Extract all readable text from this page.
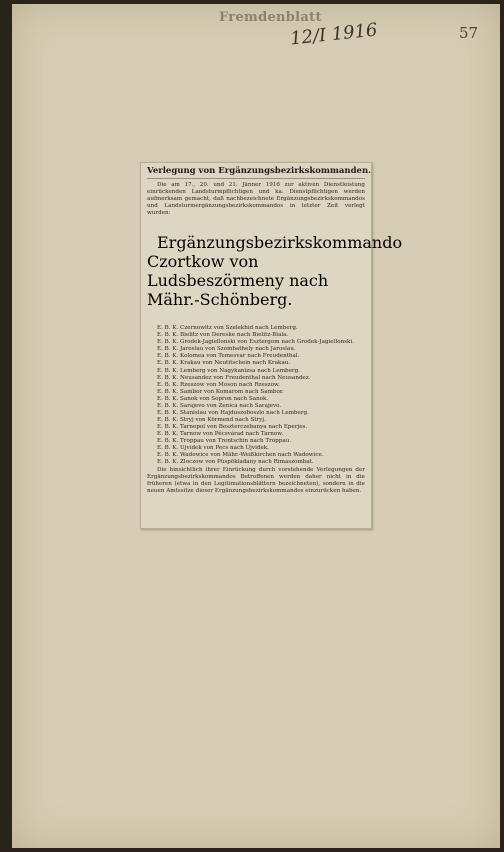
Fremdenblatt
12/I 1916	57
Verlegung von Ergänzungsbezirkskommanden.

Die am 17., 20. und 21. Jänner 1916 zur aktiven Dienstleistung einrückenden Landsturmpflichtigen und ka. Dienstpflichtigen werden aufmerksam gemacht, daß nachbezeichnete Ergänzungsbezirkskommandos und Landsturmergänzungsbezirkskommandos in letzter Zeit verlegt wurden:

Ergänzungsbezirkskommando Czortkow von Ludsbeszörmeny nach Mähr.-Schönberg.

E. B. K. Czernowitz von Szelekhid nach Lemberg.

E. B. K. Bielitz von Dereske nach Bielitz-Biala.

E. B. K. Grodek-Jagiellonski von Esztergom nach Grodek-Jagiellonski.

E. B. K. Jaroslau von Szombathely nach Jaroslau.

E. B. K. Kolomea von Temesvar nach Freudenthal.

E. B. K. Krakau von Neutitschein nach Krakau.

E. B. K. Lemberg von Nagykanizsa nach Lemberg.

E. B. K. Neusandez von Freudenthal nach Neusandez.

E. B. K. Rzeszow von Moson nach Rzeszow.

E. B. K. Sambor von Komarom nach Sambor.

E. B. K. Sanok von Sopron nach Sanok.

E. B. K. Sarajevo von Zenica nach Sarajevo.

E. B. K. Stanislau von Hajduszoboszlo nach Lemberg.

E. B. K. Stryj von Körmend nach Stryj.

E. B. K. Tarnopol von Beszterczebanya nach Eperjes.

E. B. K. Tarnow von Pécsvárad nach Tarnow.

E. B. K. Troppau von Trentschin nach Troppau.

E. B. K. Ujvidek von Pecs nach Ujvidek.

E. B. K. Wadowice von Mähr.-Weißkirchen nach Wadowice.

E. B. K. Zloczow von Püspökladany nach Rimaszombat.

Die hinsichtlich ihrer Einrückung durch vorstehende Verlegungen der Ergänzungsbezirkskommandos Betroffenen werden daher nicht in die früheren (etwa in den Legitimationsblättern bezeichneten), sondern in die neuen Amtssitze dieser Ergänzungsbezirkskommandos einzurücken haben.
